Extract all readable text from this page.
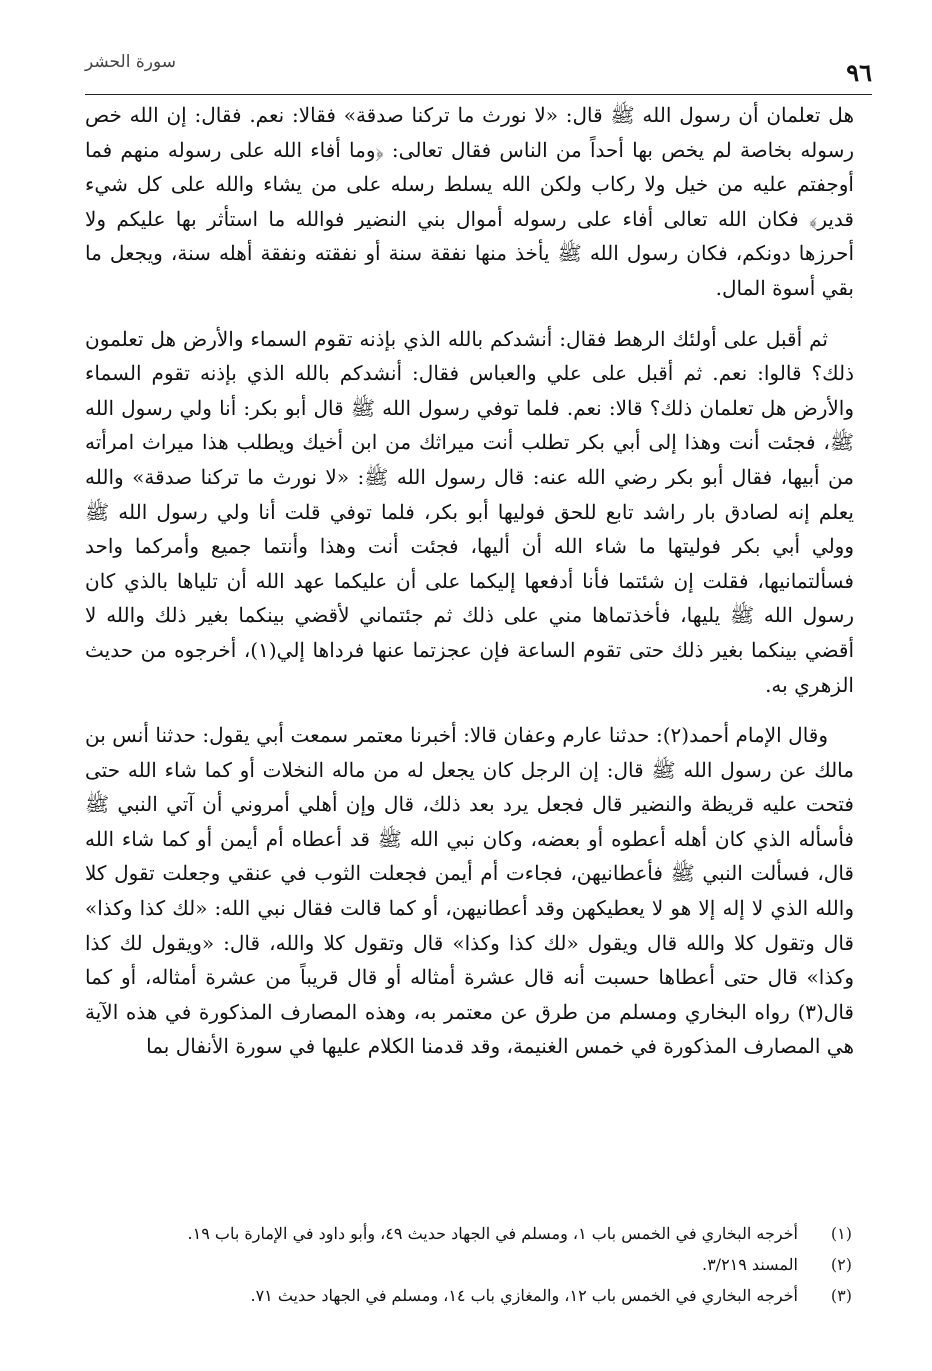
سورة الحشر	٩٦

هل تعلمان أن رسول الله ﷺ قال: «لا نورث ما تركنا صدقة» فقالا: نعم. فقال: إن الله خص رسوله بخاصة لم يخص بها أحداً من الناس فقال تعالى: ﴿وما أفاء الله على رسوله منهم فما أوجفتم عليه من خيل ولا ركاب ولكن الله يسلط رسله على من يشاء والله على كل شيء قدير﴾ فكان الله تعالى أفاء على رسوله أموال بني النضير فوالله ما استأثر بها عليكم ولا أحرزها دونكم، فكان رسول الله ﷺ يأخذ منها نفقة سنة أو نفقته ونفقة أهله سنة، ويجعل ما بقي أسوة المال.

ثم أقبل على أولئك الرهط فقال: أنشدكم بالله الذي بإذنه تقوم السماء والأرض هل تعلمون ذلك؟ قالوا: نعم. ثم أقبل على علي والعباس فقال: أنشدكم بالله الذي بإذنه تقوم السماء والأرض هل تعلمان ذلك؟ قالا: نعم. فلما توفي رسول الله ﷺ قال أبو بكر: أنا ولي رسول الله ﷺ، فجئت أنت وهذا إلى أبي بكر تطلب أنت ميراثك من ابن أخيك ويطلب هذا ميراث امرأته من أبيها، فقال أبو بكر رضي الله عنه: قال رسول الله ﷺ: «لا نورث ما تركنا صدقة» والله يعلم إنه لصادق بار راشد تابع للحق فوليها أبو بكر، فلما توفي قلت أنا ولي رسول الله ﷺ وولي أبي بكر فوليتها ما شاء الله أن أليها، فجئت أنت وهذا وأنتما جميع وأمركما واحد فسألتمانيها، فقلت إن شئتما فأنا أدفعها إليكما على أن عليكما عهد الله أن تلياها بالذي كان رسول الله ﷺ يليها، فأخذتماها مني على ذلك ثم جئتماني لأقضي بينكما بغير ذلك والله لا أقضي بينكما بغير ذلك حتى تقوم الساعة فإن عجزتما عنها فرداها إلي(١)، أخرجوه من حديث الزهري به.

وقال الإمام أحمد(٢): حدثنا عارم وعفان قالا: أخبرنا معتمر سمعت أبي يقول: حدثنا أنس بن مالك عن رسول الله ﷺ قال: إن الرجل كان يجعل له من ماله النخلات أو كما شاء الله حتى فتحت عليه قريظة والنضير قال فجعل يرد بعد ذلك، قال وإن أهلي أمروني أن آتي النبي ﷺ فأسأله الذي كان أهله أعطوه أو بعضه، وكان نبي الله ﷺ قد أعطاه أم أيمن أو كما شاء الله قال، فسألت النبي ﷺ فأعطانيهن، فجاءت أم أيمن فجعلت الثوب في عنقي وجعلت تقول كلا والله الذي لا إله إلا هو لا يعطيكهن وقد أعطانيهن، أو كما قالت فقال نبي الله: «لك كذا وكذا» قال وتقول كلا والله قال ويقول «لك كذا وكذا» قال وتقول كلا والله، قال: «ويقول لك كذا وكذا» قال حتى أعطاها حسبت أنه قال عشرة أمثاله أو قال قريباً من عشرة أمثاله، أو كما قال(٣) رواه البخاري ومسلم من طرق عن معتمر به، وهذه المصارف المذكورة في هذه الآية هي المصارف المذكورة في خمس الغنيمة، وقد قدمنا الكلام عليها في سورة الأنفال بما

(١)
أخرجه البخاري في الخمس باب ١، ومسلم في الجهاد حديث ٤٩، وأبو داود في الإمارة باب ١٩.
(٢)
المسند ٣/٢١٩.
(٣)
أخرجه البخاري في الخمس باب ١٢، والمغازي باب ١٤، ومسلم في الجهاد حديث ٧١.
